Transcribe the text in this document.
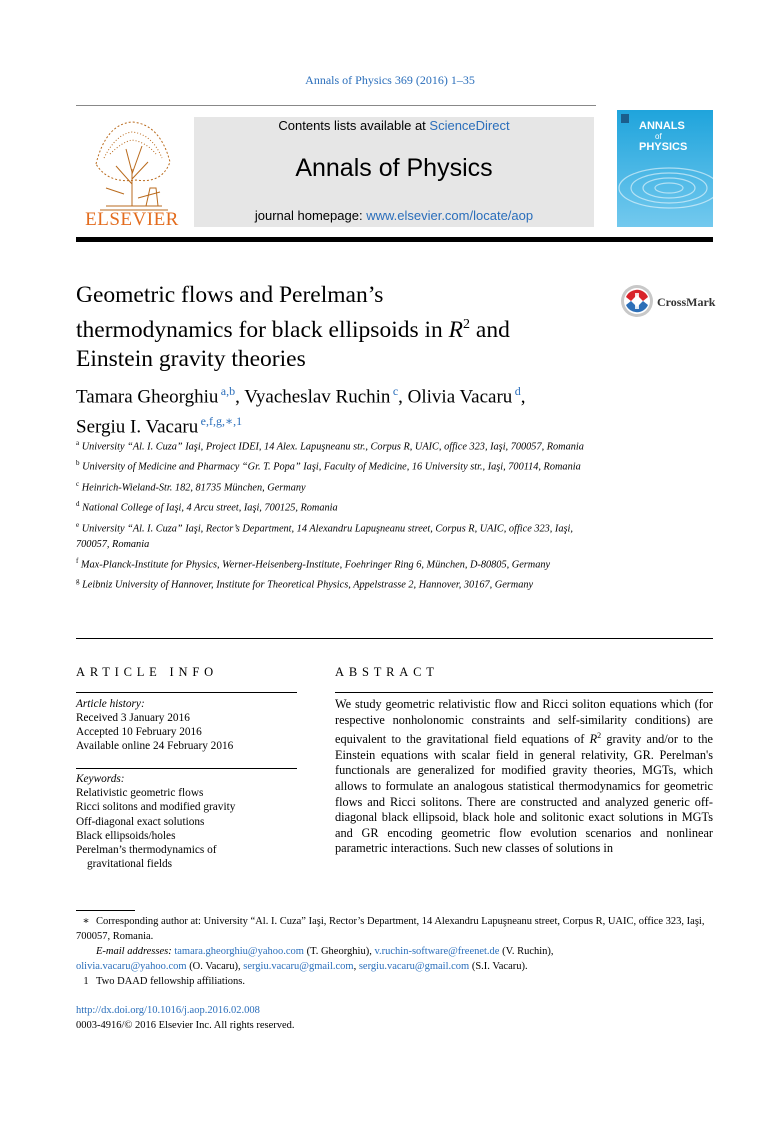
Annals of Physics 369 (2016) 1–35
ELSEVIER
Contents lists available at ScienceDirect
Annals of Physics
journal homepage: www.elsevier.com/locate/aop
ANNALS
of
PHYSICS
Geometric flows and Perelman’s
thermodynamics for black ellipsoids in $R^2$ and
Einstein gravity theories
CrossMark
Tamara Gheorghiu  $^{a,b}$, Vyacheslav Ruchin  $^c$, Olivia Vacaru  $^d$,
Sergiu I. Vacaru  $^{e,f,g,∗,1}$
$^a$ University “Al. I. Cuza” Iaşi, Project IDEI, 14 Alex. Lapuşneanu str., Corpus R, UAIC, office 323, Iaşi, 700057, Romania
$^b$ University of Medicine and Pharmacy “Gr. T. Popa” Iaşi, Faculty of Medicine, 16 University str., Iaşi, 700114, Romania
$^c$ Heinrich-Wieland-Str. 182, 81735 München, Germany
$^d$ National College of Iaşi, 4 Arcu street, Iaşi, 700125, Romania
$^e$ University “Al. I. Cuza” Iaşi, Rector’s Department, 14 Alexandru Lapuşneanu street, Corpus R, UAIC, office 323, Iaşi, 700057, Romania
$^f$ Max-Planck-Institute for Physics, Werner-Heisenberg-Institute, Foehringer Ring 6, München, D-80805, Germany
$^g$ Leibniz University of Hannover, Institute for Theoretical Physics, Appelstrasse 2, Hannover, 30167, Germany
ARTICLE INFO
Article history:
Received 3 January 2016
Accepted 10 February 2016
Available online 24 February 2016
Keywords:
Relativistic geometric flows
Ricci solitons and modified gravity
Off-diagonal exact solutions
Black ellipsoids/holes
Perelman’s thermodynamics of
gravitational fields
ABSTRACT
We study geometric relativistic flow and Ricci soliton equations which (for respective nonholonomic constraints and self-similarity conditions) are equivalent to the gravitational field equations of $R^2$ gravity and/or to the Einstein equations with scalar field in general relativity, GR. Perelman's functionals are generalized for modified gravity theories, MGTs, which allows to formulate an analogous statistical thermodynamics for geometric flows and Ricci solitons. There are constructed and analyzed generic off-diagonal black ellipsoid, black hole and solitonic exact solutions in MGTs and GR encoding geometric flow evolution scenarios and nonlinear parametric interactions. Such new classes of solutions in
∗ Corresponding author at: University “Al. I. Cuza” Iaşi, Rector’s Department, 14 Alexandru Lapuşneanu street, Corpus R, UAIC, office 323, Iaşi, 700057, Romania.
E-mail addresses: tamara.gheorghiu@yahoo.com (T. Gheorghiu), v.ruchin-software@freenet.de (V. Ruchin),
olivia.vacaru@yahoo.com (O. Vacaru), sergiu.vacaru@gmail.com, sergiu.vacaru@gmail.com (S.I. Vacaru).
1 Two DAAD fellowship affiliations.
http://dx.doi.org/10.1016/j.aop.2016.02.008
0003-4916/© 2016 Elsevier Inc. All rights reserved.
